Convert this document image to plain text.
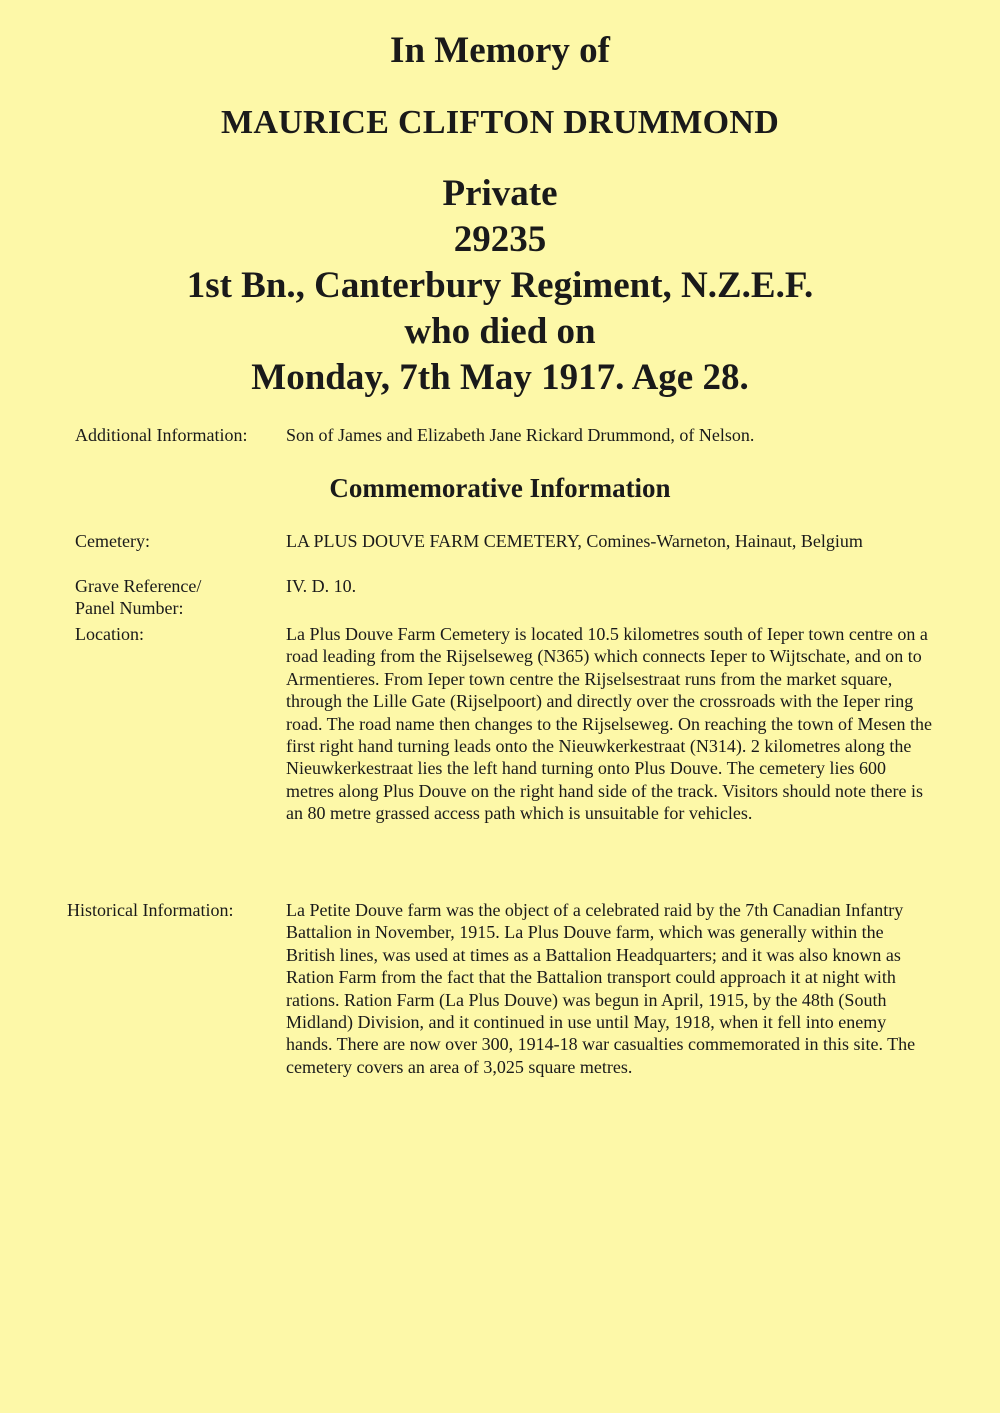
In Memory of
MAURICE CLIFTON DRUMMOND
Private
29235
1st Bn., Canterbury Regiment, N.Z.E.F.
who died on
Monday, 7th May 1917. Age 28.
Additional Information:	Son of James and Elizabeth Jane Rickard Drummond, of Nelson.
Commemorative Information
Cemetery:	LA PLUS DOUVE FARM CEMETERY, Comines-Warneton, Hainaut, Belgium
Grave Reference/
Panel Number:
IV. D. 10.
Location:	La Plus Douve Farm Cemetery is located 10.5 kilometres south of Ieper town centre on a road leading from the Rijselseweg (N365) which connects Ieper to Wijtschate, and on to Armentieres. From Ieper town centre the Rijselsestraat runs from the market square, through the Lille Gate (Rijselpoort) and directly over the crossroads with the Ieper ring road. The road name then changes to the Rijselseweg. On reaching the town of Mesen the first right hand turning leads onto the Nieuwkerkestraat (N314). 2 kilometres along the Nieuwkerkestraat lies the left hand turning onto Plus Douve. The cemetery lies 600 metres along Plus Douve on the right hand side of the track. Visitors should note there is an 80 metre grassed access path which is unsuitable for vehicles.
Historical Information:	La Petite Douve farm was the object of a celebrated raid by the 7th Canadian Infantry Battalion in November, 1915. La Plus Douve farm, which was generally within the British lines, was used at times as a Battalion Headquarters; and it was also known as Ration Farm from the fact that the Battalion transport could approach it at night with rations. Ration Farm (La Plus Douve) was begun in April, 1915, by the 48th (South Midland) Division, and it continued in use until May, 1918, when it fell into enemy hands. There are now over 300, 1914-18 war casualties commemorated in this site. The cemetery covers an area of 3,025 square metres.
